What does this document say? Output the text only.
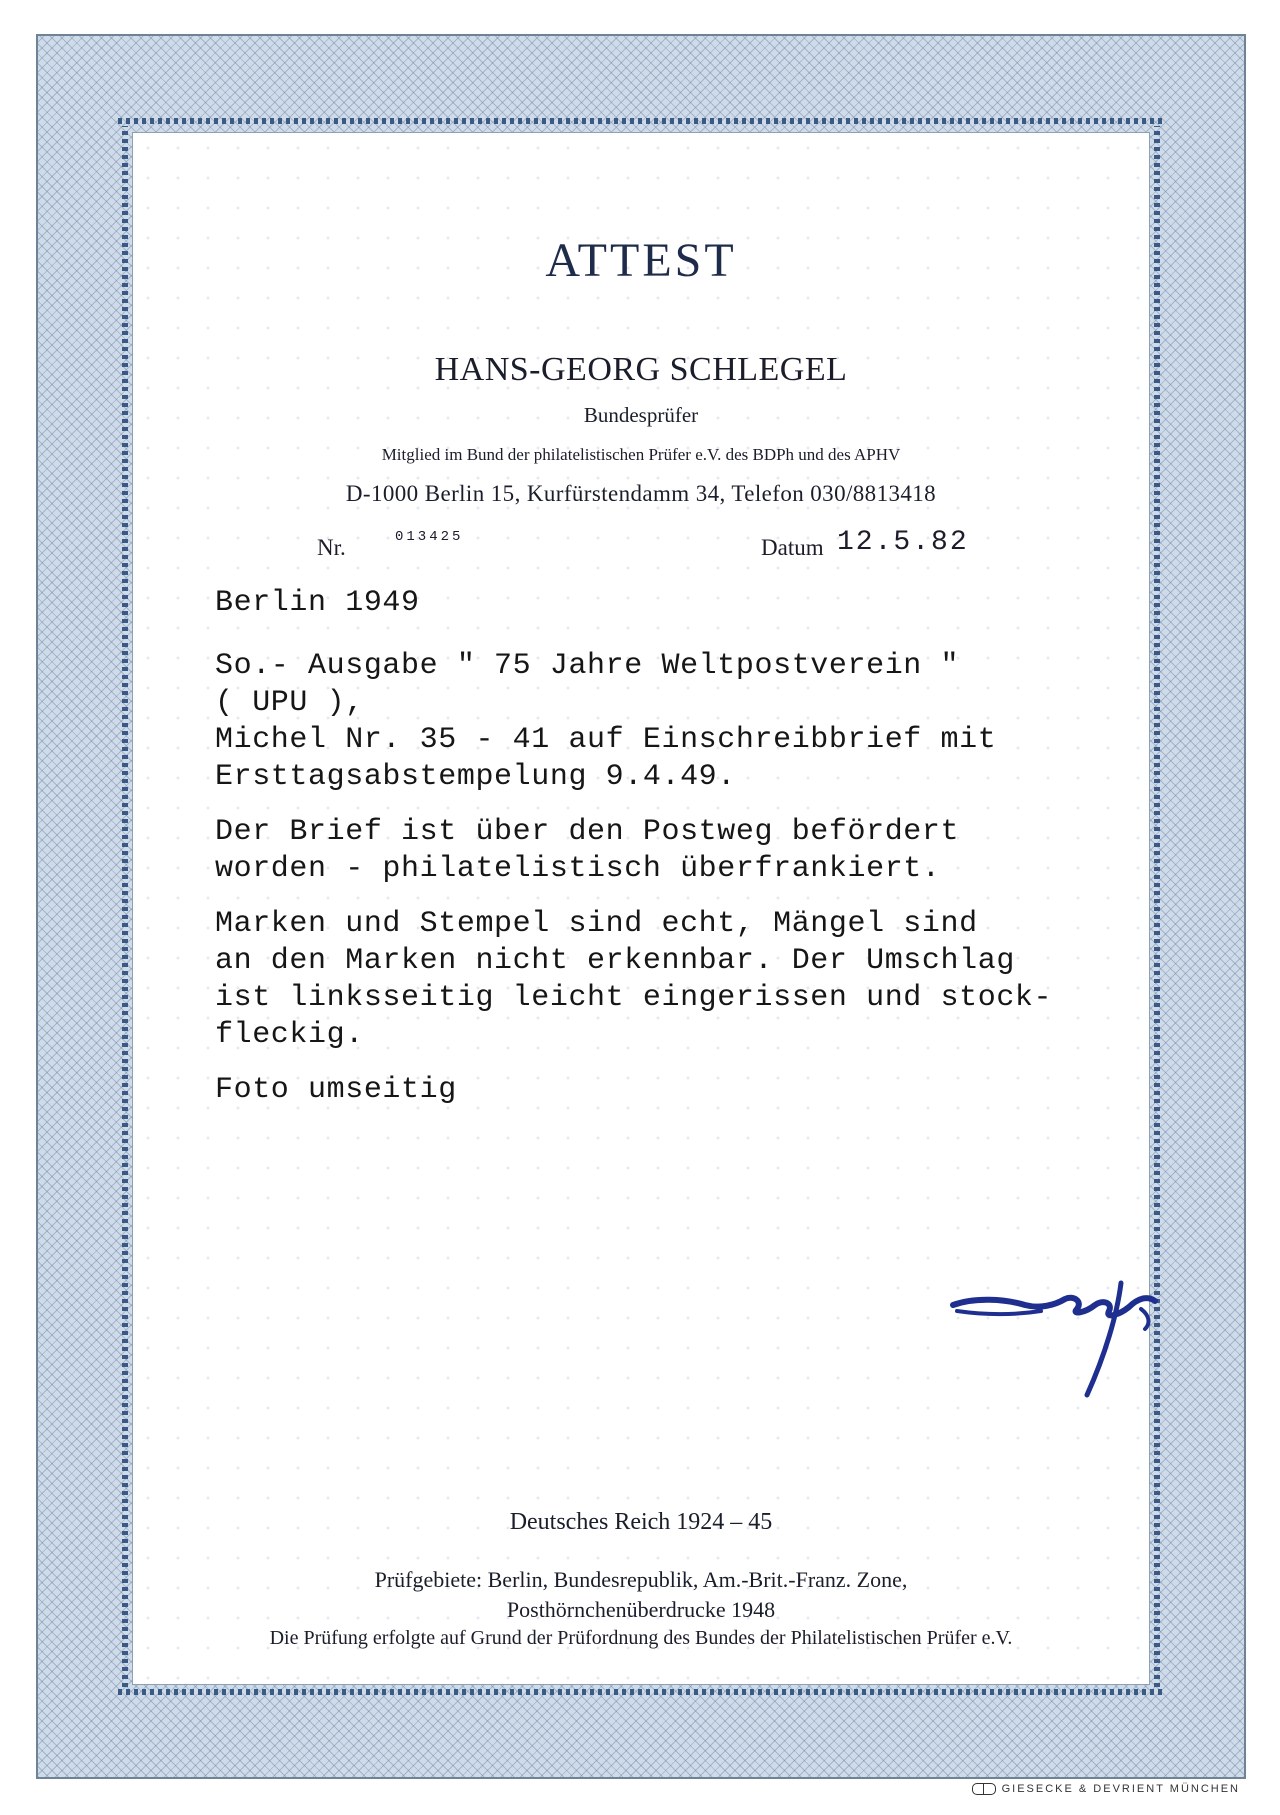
ATTEST
HANS-GEORG SCHLEGEL
Bundesprüfer
Mitglied im Bund der philatelistischen Prüfer e.V. des BDPh und des APHV
D-1000 Berlin 15, Kurfürstendamm 34, Telefon 030/8813418
Nr.	013425	Datum 12.5.82

Berlin 1949

So.- Ausgabe " 75 Jahre Weltpostverein "

( UPU ),

Michel Nr. 35 - 41 auf Einschreibbrief mit

Ersttagsabstempelung 9.4.49.

Der Brief ist über den Postweg befördert

worden - philatelistisch überfrankiert.

Marken und Stempel sind echt, Mängel sind

an den Marken nicht erkennbar. Der Umschlag

ist linksseitig leicht eingerissen und stock-

fleckig.

Foto umseitig

Deutsches Reich 1924 – 45
Prüfgebiete: Berlin, Bundesrepublik, Am.-Brit.-Franz. Zone,
Posthörnchenüberdrucke 1948
Die Prüfung erfolgte auf Grund der Prüfordnung des Bundes der Philatelistischen Prüfer e.V.
GIESECKE & DEVRIENT MÜNCHEN
